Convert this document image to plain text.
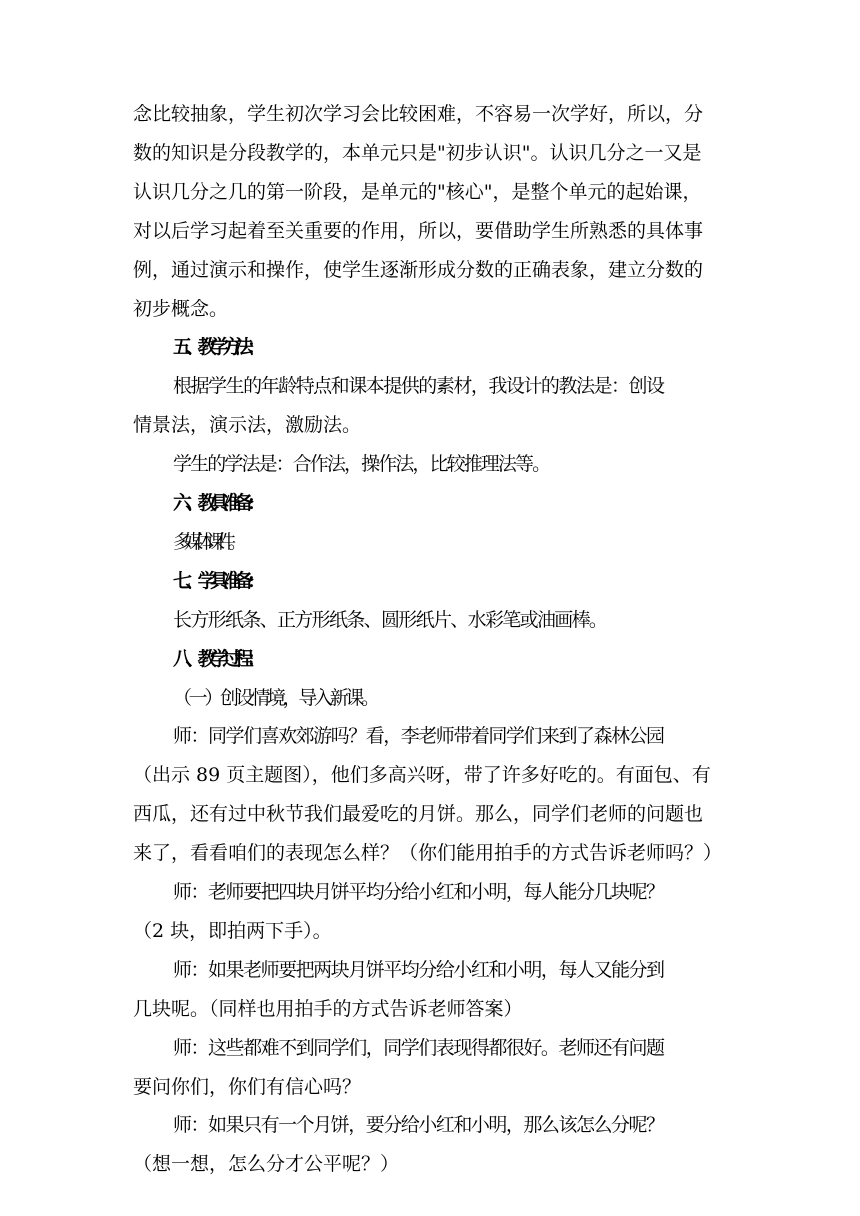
念比较抽象，学生初次学习会比较困难，不容易一次学好，所以，分
数的知识是分段教学的，本单元只是"初步认识"。认识几分之一又是
认识几分之几的第一阶段，是单元的"核心"，是整个单元的起始课，
对以后学习起着至关重要的作用，所以，要借助学生所熟悉的具体事
例，通过演示和操作，使学生逐渐形成分数的正确表象，建立分数的
初步概念。
五、教学方法：
根据学生的年龄特点和课本提供的素材，我设计的教法是：创设
情景法，演示法，激励法。
学生的学法是：合作法，操作法，比较推理法等。
六、教具准备：
多媒体课件。
七、学具准备：
长方形纸条、正方形纸条、圆形纸片、水彩笔或油画棒。
八、教学过程：
（一）创设情境，导入新课。
师：同学们喜欢郊游吗？看，李老师带着同学们来到了森林公园
（出示 89 页主题图），他们多高兴呀，带了许多好吃的。有面包、有
西瓜，还有过中秋节我们最爱吃的月饼。那么，同学们老师的问题也
来了，看看咱们的表现怎么样？（你们能用拍手的方式告诉老师吗？）
师：老师要把四块月饼平均分给小红和小明，每人能分几块呢？
（2 块，即拍两下手）。
师：如果老师要把两块月饼平均分给小红和小明，每人又能分到
几块呢。（同样也用拍手的方式告诉老师答案）
师：这些都难不到同学们，同学们表现得都很好。老师还有问题
要问你们，你们有信心吗？
师：如果只有一个月饼，要分给小红和小明，那么该怎么分呢？
（想一想，怎么分才公平呢？）
